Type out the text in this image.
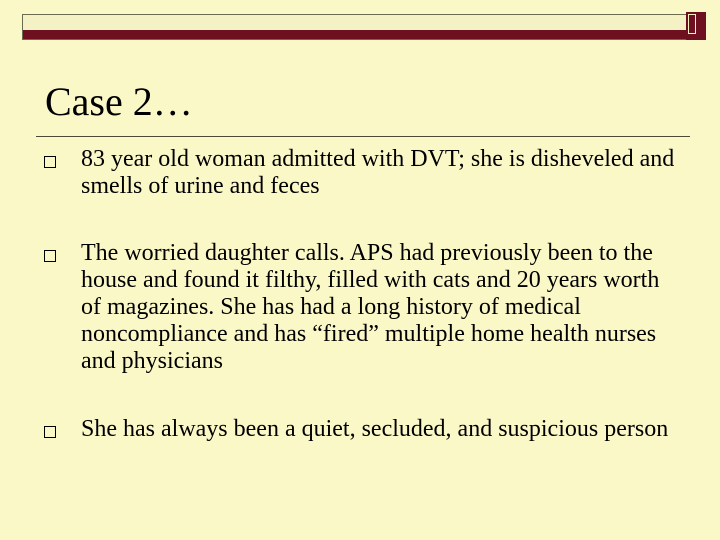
Case 2…
83 year old woman admitted with DVT; she is disheveled and smells of urine and feces
The worried daughter calls. APS had previously been to the house and found it filthy, filled with cats and 20 years worth of magazines. She has had a long history of medical noncompliance and has “fired” multiple home health nurses and physicians
She has always been a quiet, secluded, and suspicious person
